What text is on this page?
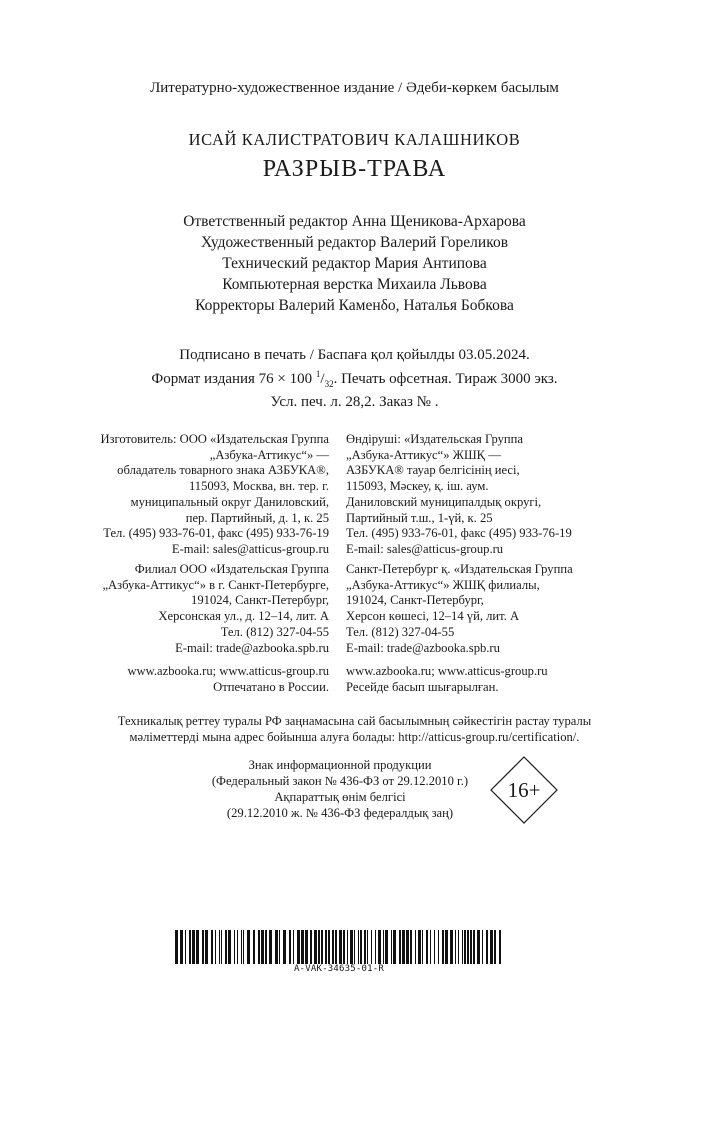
Литературно-художественное издание / Әдеби-көркем басылым
ИСАЙ КАЛИСТРАТОВИЧ КАЛАШНИКОВ
РАЗРЫВ-ТРАВА
Ответственный редактор Анна Щеникова-Архарова
Художественный редактор Валерий Гореликов
Технический редактор Мария Антипова
Компьютерная верстка Михаила Львова
Корректоры Валерий Каменδо, Наталья Бобкова
Подписано в печать / Баспаға қол қойылды 03.05.2024.
Формат издания 76 × 100 $^1/_{32}$. Печать офсетная. Тираж 3000 экз.
Усл. печ. л. 28,2. Заказ № .
Изготовитель: ООО «Издательская Группа
„Азбука-Аттикус“» —
обладатель товарного знака АЗБУКА®,
115093, Москва, вн. тер. г.
муниципальный округ Даниловский,
пер. Партийный, д. 1, к. 25
Тел. (495) 933-76-01, факс (495) 933-76-19
E-mail: sales@atticus-group.ru
Өндіруші: «Издательская Группа
„Азбука-Аттикус“» ЖШҚ —
АЗБУКА® тауар белгісінің иесі,
115093, Мәскеу, қ. іш. аум.
Даниловский муниципалдық округі,
Партийный т.ш., 1-үй, к. 25
Тел. (495) 933-76-01, факс (495) 933-76-19
E-mail: sales@atticus-group.ru
Филиал ООО «Издательская Группа
„Азбука-Аттикус“» в г. Санкт-Петербурге,
191024, Санкт-Петербург,
Херсонская ул., д. 12–14, лит. А
Тел. (812) 327-04-55
E-mail: trade@azbooka.spb.ru
Санкт-Петербург қ. «Издательская Группа
„Азбука-Аттикус“» ЖШҚ филиалы,
191024, Санкт-Петербург,
Херсон көшесі, 12–14 үй, лит. А
Тел. (812) 327-04-55
E-mail: trade@azbooka.spb.ru
www.azbooka.ru; www.atticus-group.ru
Отпечатано в России.
www.azbooka.ru; www.atticus-group.ru
Ресейде басып шығарылған.
Техникалық реттеу туралы РФ заңнамасына сай басылымның сәйкестігін растау туралы
мәліметтерді мына адрес бойынша алуға болады: http://atticus-group.ru/certification/.
Знак информационной продукции
(Федеральный закон № 436-ФЗ от 29.12.2010 г.)
Ақпараттық өнім белгісі
(29.12.2010 ж. № 436-ФЗ федералдық заң)
16+
A-VAK-34635-01-R
